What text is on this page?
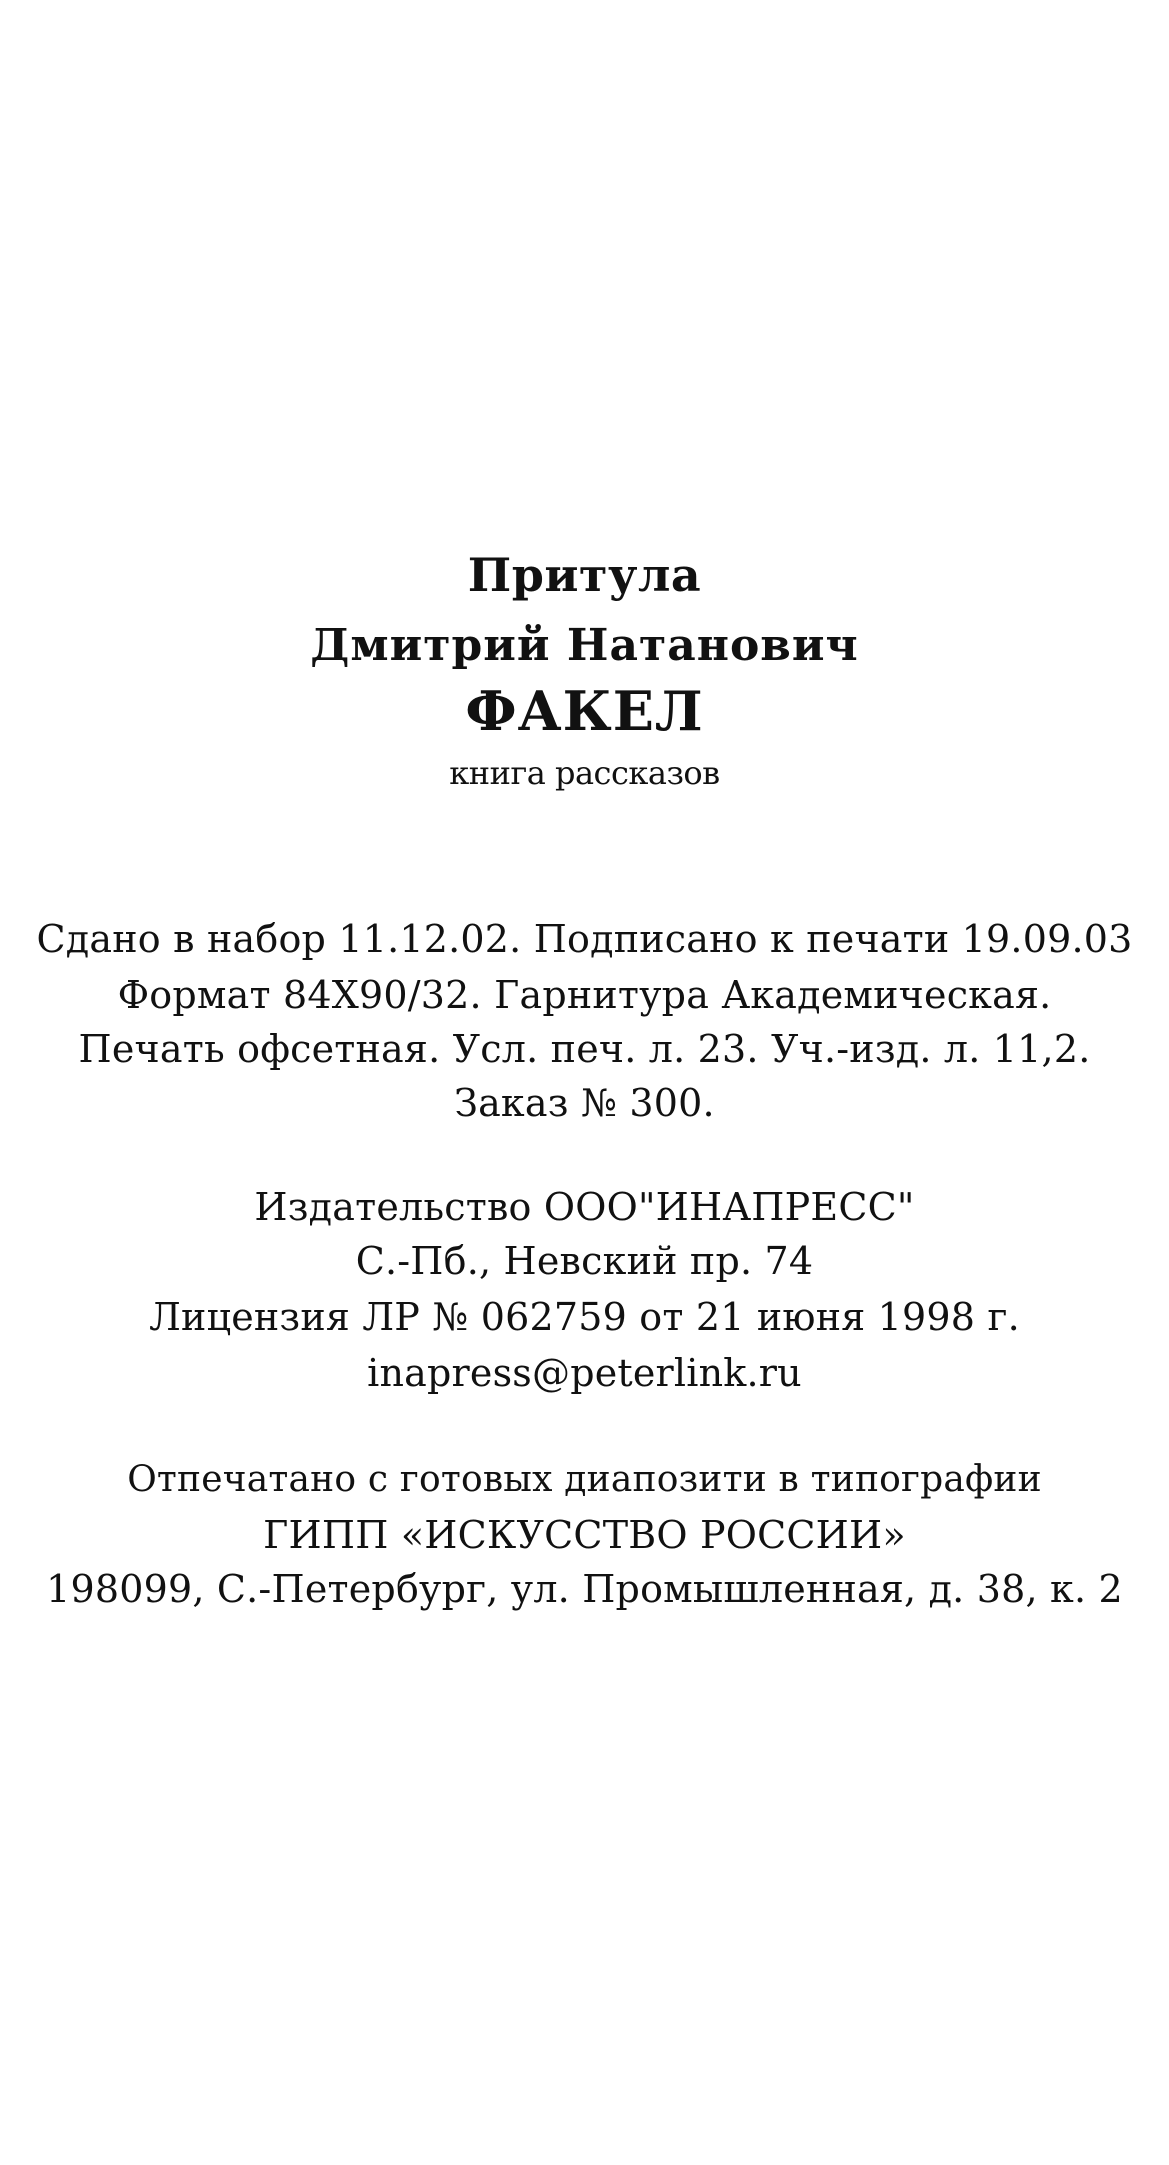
Притула
Дмитрий Натанович
ФАКЕЛ
книга рассказов
Сдано в набор 11.12.02. Подписано к печати 19.09.03
Формат 84Х90/32. Гарнитура Академическая.
Печать офсетная. Усл. печ. л. 23. Уч.-изд. л. 11,2.
Заказ № 300.
Издательство ООО"ИНАПРЕСС"
С.-Пб., Невский пр. 74
Лицензия ЛР № 062759 от 21 июня 1998 г.
inapress@peterlink.ru
Отпечатано с готовых диапозити в типографии
ГИПП «ИСКУССТВО РОССИИ»
198099, С.-Петербург, ул. Промышленная, д. 38, к. 2
